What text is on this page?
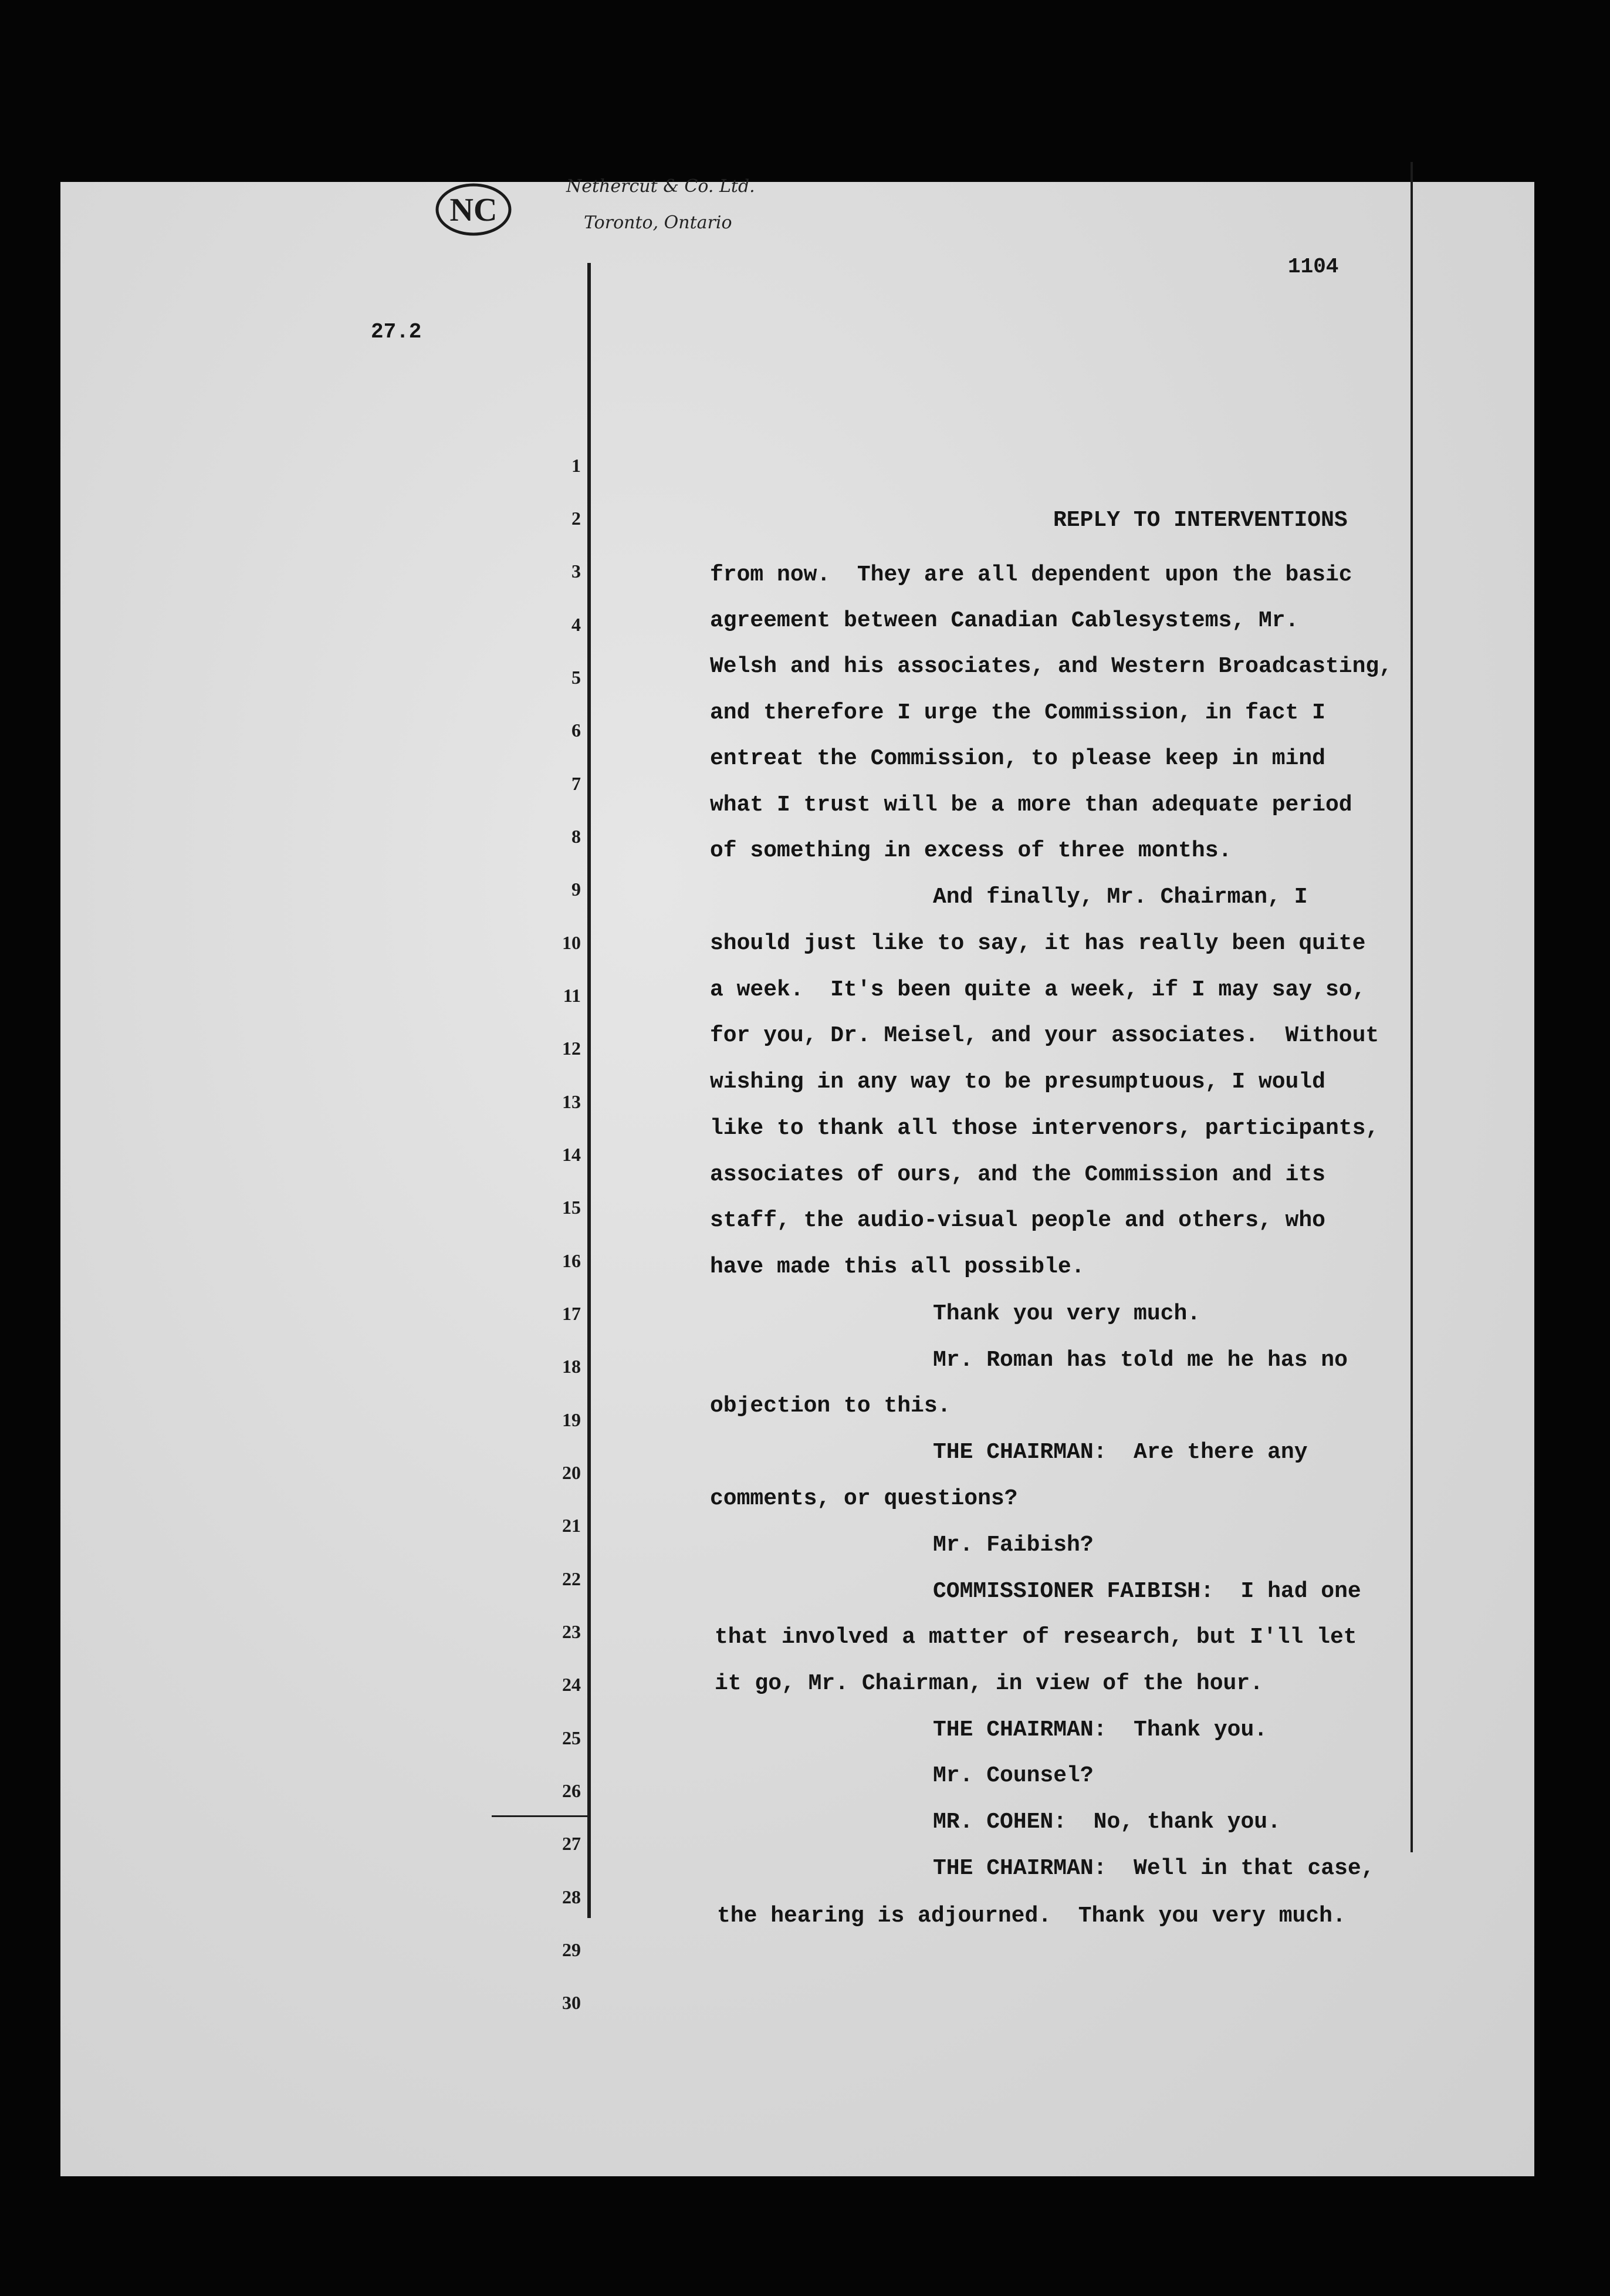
NC
Nethercut & Co. Ltd.
Toronto, Ontario
1104
27.2
1
2
3
4
5
6
7
8
9
10
11
12
13
14
15
16
17
18
19
20
21
22
23
24
25
26
27
28
29
30
REPLY TO INTERVENTIONS
from now.  They are all dependent upon the basic
agreement between Canadian Cablesystems, Mr.
Welsh and his associates, and Western Broadcasting,
and therefore I urge the Commission, in fact I
entreat the Commission, to please keep in mind
what I trust will be a more than adequate period
of something in excess of three months.
And finally, Mr. Chairman, I
should just like to say, it has really been quite
a week.  It's been quite a week, if I may say so,
for you, Dr. Meisel, and your associates.  Without
wishing in any way to be presumptuous, I would
like to thank all those intervenors, participants,
associates of ours, and the Commission and its
staff, the audio-visual people and others, who
have made this all possible.
Thank you very much.
Mr. Roman has told me he has no
objection to this.
THE CHAIRMAN:  Are there any
comments, or questions?
Mr. Faibish?
COMMISSIONER FAIBISH:  I had one
that involved a matter of research, but I'll let
it go, Mr. Chairman, in view of the hour.
THE CHAIRMAN:  Thank you.
Mr. Counsel?
MR. COHEN:  No, thank you.
THE CHAIRMAN:  Well in that case,
the hearing is adjourned.  Thank you very much.
